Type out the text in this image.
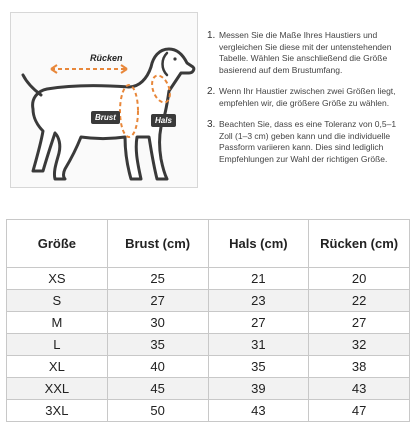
Rücken
Brust	Hals
1. Messen Sie die Maße Ihres Haustiers und vergleichen Sie diese mit der untenstehenden Tabelle. Wählen Sie anschließend die Größe basierend auf dem Brustumfang.
2. Wenn Ihr Haustier zwischen zwei Größen liegt, empfehlen wir, die größere Größe zu wählen.
3. Beachten Sie, dass es eine Toleranz von 0,5–1 Zoll (1–3 cm) geben kann und die individuelle Passform variieren kann. Dies sind lediglich Empfehlungen zur Wahl der richtigen Größe.
Größe	Brust (cm)	Hals (cm)	Rücken (cm)
XS	25	21	20
S	27	23	22
M	30	27	27
L	35	31	32
XL	40	35	38
XXL	45	39	43
3XL	50	43	47
